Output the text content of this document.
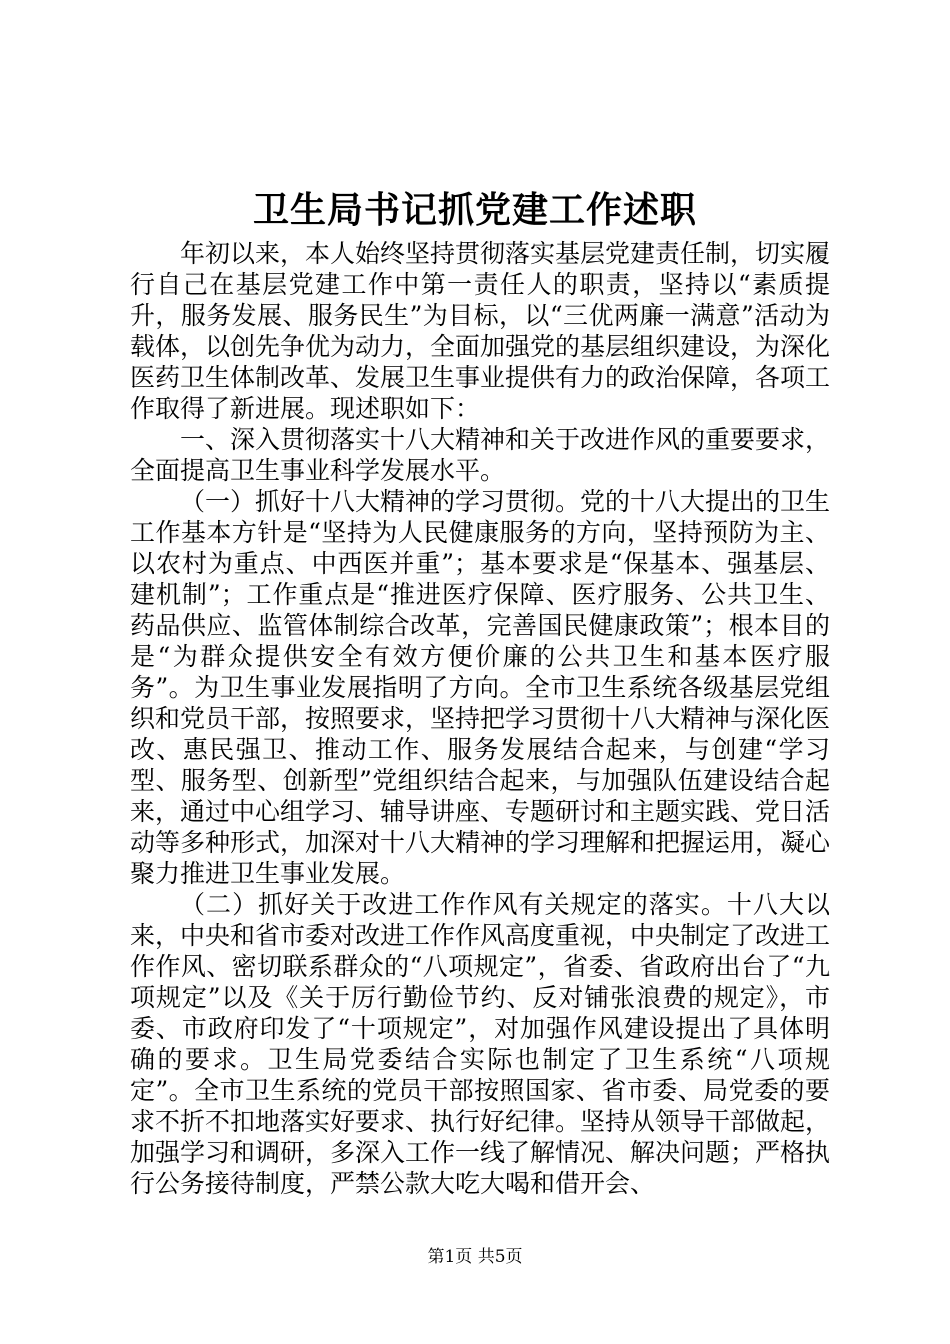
卫生局书记抓党建工作述职

年初以来，本人始终坚持贯彻落实基层党建责任制，切实履行自己在基层党建工作中第一责任人的职责，坚持以“素质提升，服务发展、服务民生”为目标，以“三优两廉一满意”活动为载体，以创先争优为动力，全面加强党的基层组织建设，为深化医药卫生体制改革、发展卫生事业提供有力的政治保障，各项工作取得了新进展。现述职如下：

一、深入贯彻落实十八大精神和关于改进作风的重要要求，全面提高卫生事业科学发展水平。

（一）抓好十八大精神的学习贯彻。党的十八大提出的卫生工作基本方针是“坚持为人民健康服务的方向，坚持预防为主、以农村为重点、中西医并重”；基本要求是“保基本、强基层、建机制”；工作重点是“推进医疗保障、医疗服务、公共卫生、药品供应、监管体制综合改革，完善国民健康政策”；根本目的是“为群众提供安全有效方便价廉的公共卫生和基本医疗服务”。为卫生事业发展指明了方向。全市卫生系统各级基层党组织和党员干部，按照要求，坚持把学习贯彻十八大精神与深化医改、惠民强卫、推动工作、服务发展结合起来，与创建“学习型、服务型、创新型”党组织结合起来，与加强队伍建设结合起来，通过中心组学习、辅导讲座、专题研讨和主题实践、党日活动等多种形式，加深对十八大精神的学习理解和把握运用，凝心聚力推进卫生事业发展。

（二）抓好关于改进工作作风有关规定的落实。十八大以来，中央和省市委对改进工作作风高度重视，中央制定了改进工作作风、密切联系群众的“八项规定”，省委、省政府出台了“九项规定”以及《关于厉行勤俭节约、反对铺张浪费的规定》，市委、市政府印发了“十项规定”，对加强作风建设提出了具体明确的要求。卫生局党委结合实际也制定了卫生系统“八项规定”。全市卫生系统的党员干部按照国家、省市委、局党委的要求不折不扣地落实好要求、执行好纪律。坚持从领导干部做起，加强学习和调研，多深入工作一线了解情况、解决问题；严格执行公务接待制度，严禁公款大吃大喝和借开会、

第1页 共5页
